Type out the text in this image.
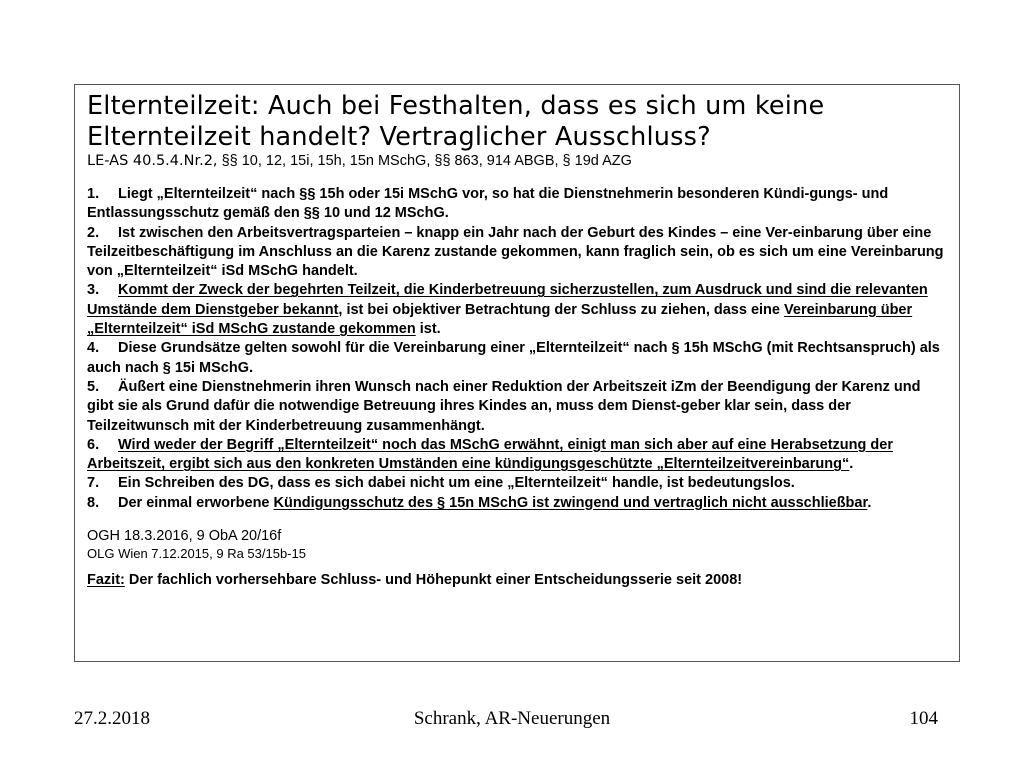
Elternteilzeit: Auch bei Festhalten, dass es sich um keine
Elternteilzeit handelt? Vertraglicher Ausschluss?

LE-AS 40.5.4.Nr.2, §§ 10, 12, 15i, 15h, 15n MSchG, §§ 863, 914 ABGB, § 19d AZG

1. Liegt „Elternteilzeit“ nach §§ 15h oder 15i MSchG vor, so hat die Dienstnehmerin besonderen Kündi-gungs- und Entlassungsschutz gemäß den §§ 10 und 12 MSchG.

2. Ist zwischen den Arbeitsvertragsparteien – knapp ein Jahr nach der Geburt des Kindes – eine Ver-einbarung über eine Teilzeitbeschäftigung im Anschluss an die Karenz zustande gekommen, kann fraglich sein, ob es sich um eine Vereinbarung von „Elternteilzeit“ iSd MSchG handelt.

3. Kommt der Zweck der begehrten Teilzeit, die Kinderbetreuung sicherzustellen, zum Ausdruck und sind die relevanten Umstände dem Dienstgeber bekannt, ist bei objektiver Betrachtung der Schluss zu ziehen, dass eine Vereinbarung über „Elternteilzeit“ iSd MSchG zustande gekommen ist.

4. Diese Grundsätze gelten sowohl für die Vereinbarung einer „Elternteilzeit“ nach § 15h MSchG (mit Rechtsanspruch) als auch nach § 15i MSchG.

5. Äußert eine Dienstnehmerin ihren Wunsch nach einer Reduktion der Arbeitszeit iZm der Beendigung der Karenz und gibt sie als Grund dafür die notwendige Betreuung ihres Kindes an, muss dem Dienst-geber klar sein, dass der Teilzeitwunsch mit der Kinderbetreuung zusammenhängt.

6. Wird weder der Begriff „Elternteilzeit“ noch das MSchG erwähnt, einigt man sich aber auf eine Herabsetzung der Arbeitszeit, ergibt sich aus den konkreten Umständen eine kündigungsgeschützte „Elternteilzeitvereinbarung“.

7. Ein Schreiben des DG, dass es sich dabei nicht um eine „Elternteilzeit“ handle, ist bedeutungslos.

8. Der einmal erworbene Kündigungsschutz des § 15n MSchG ist zwingend und vertraglich nicht ausschließbar.

OGH 18.3.2016, 9 ObA 20/16f

OLG Wien 7.12.2015, 9 Ra 53/15b-15

Fazit: Der fachlich vorhersehbare Schluss- und Höhepunkt einer Entscheidungsserie seit 2008!

Schrank, AR-Neuerungen
27.2.2018	104
